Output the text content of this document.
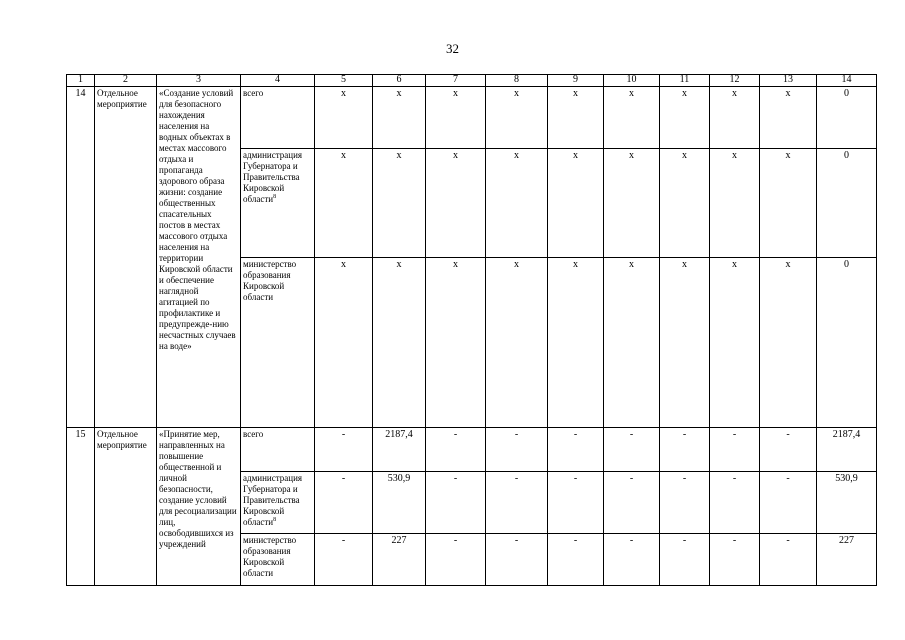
32
1	2	3	4	5	6	7	8	9	10	11	12	13	14
14	Отдельное мероприятие	«Создание условий для безопасного нахождения населения на водных объектах в местах массового отдыха и пропаганда здорового образа жизни: создание общественных спасательных постов в местах массового отдыха населения на территории Кировской области и обеспечение наглядной агитацией по профилактике и предупрежде-нию несчастных случаев на воде»	всего	х	х	х	х	х	х	х	х	х	0
			администрация Губернатора и Правительства Кировской области$^8$	х	х	х	х	х	х	х	х	х	0
			министерство образования Кировской области	х	х	х	х	х	х	х	х	х	0
15	Отдельное мероприятие	«Принятие мер, направленных на повышение общественной и личной безопасности, создание условий для ресоциализации лиц, освободившихся из учреждений	всего	-	2187,4	-	-	-	-	-	-	-	2187,4
			администрация Губернатора и Правительства Кировской области$^8$	-	530,9	-	-	-	-	-	-	-	530,9
			министерство образования Кировской области	-	227	-	-	-	-	-	-	-	227
